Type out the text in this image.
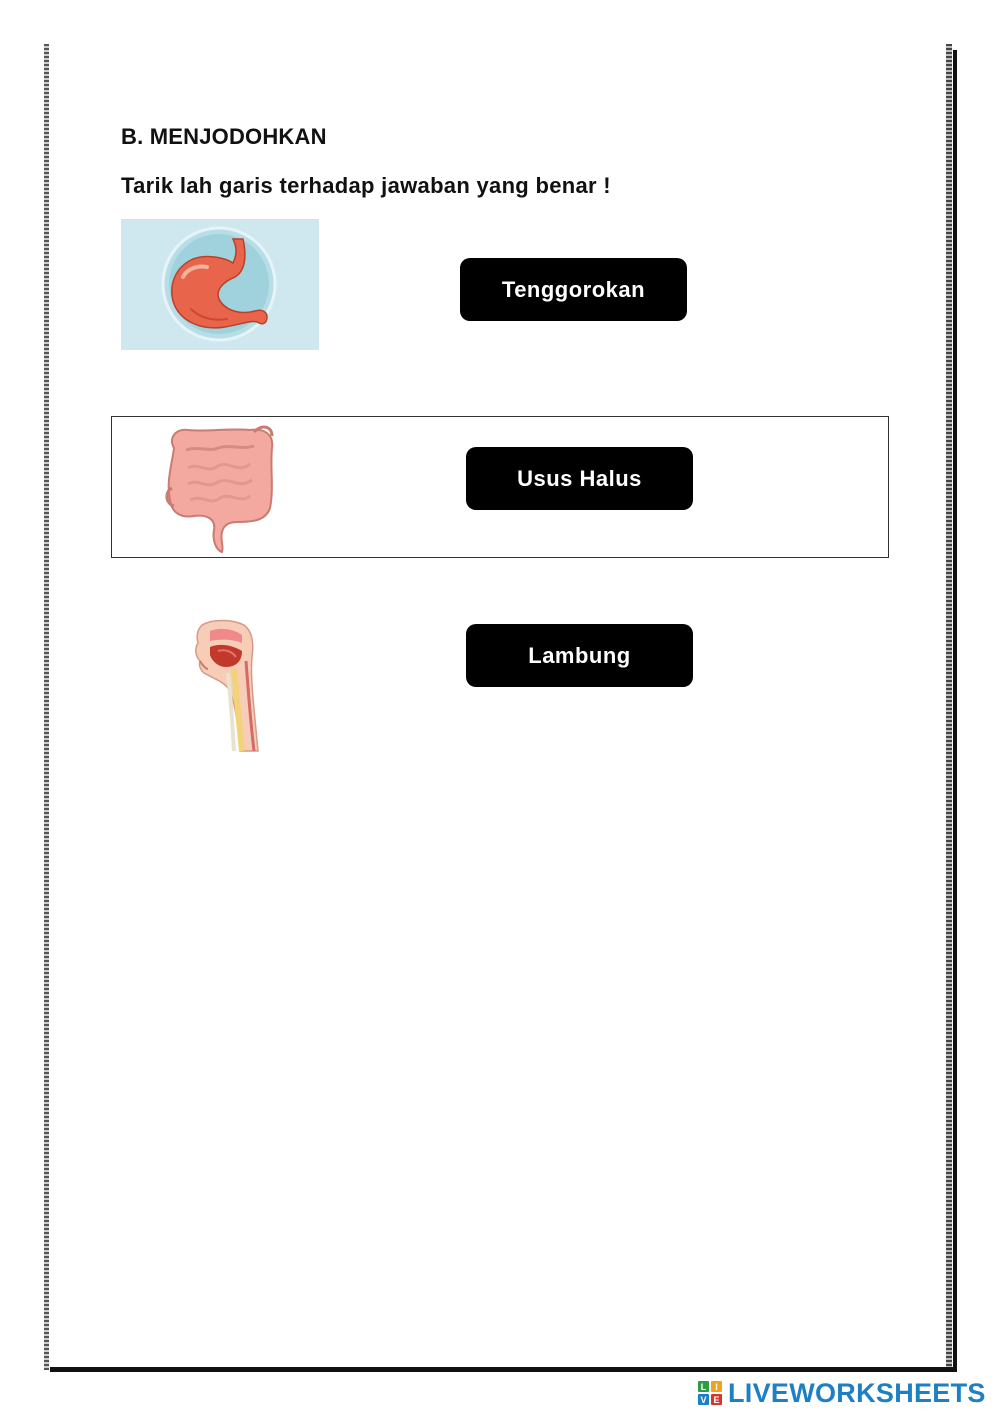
B. MENJODOHKAN

Tarik lah garis terhadap jawaban yang benar !

Tenggorokan
Usus Halus
Lambung
L I
V E LIVEWORKSHEETS
